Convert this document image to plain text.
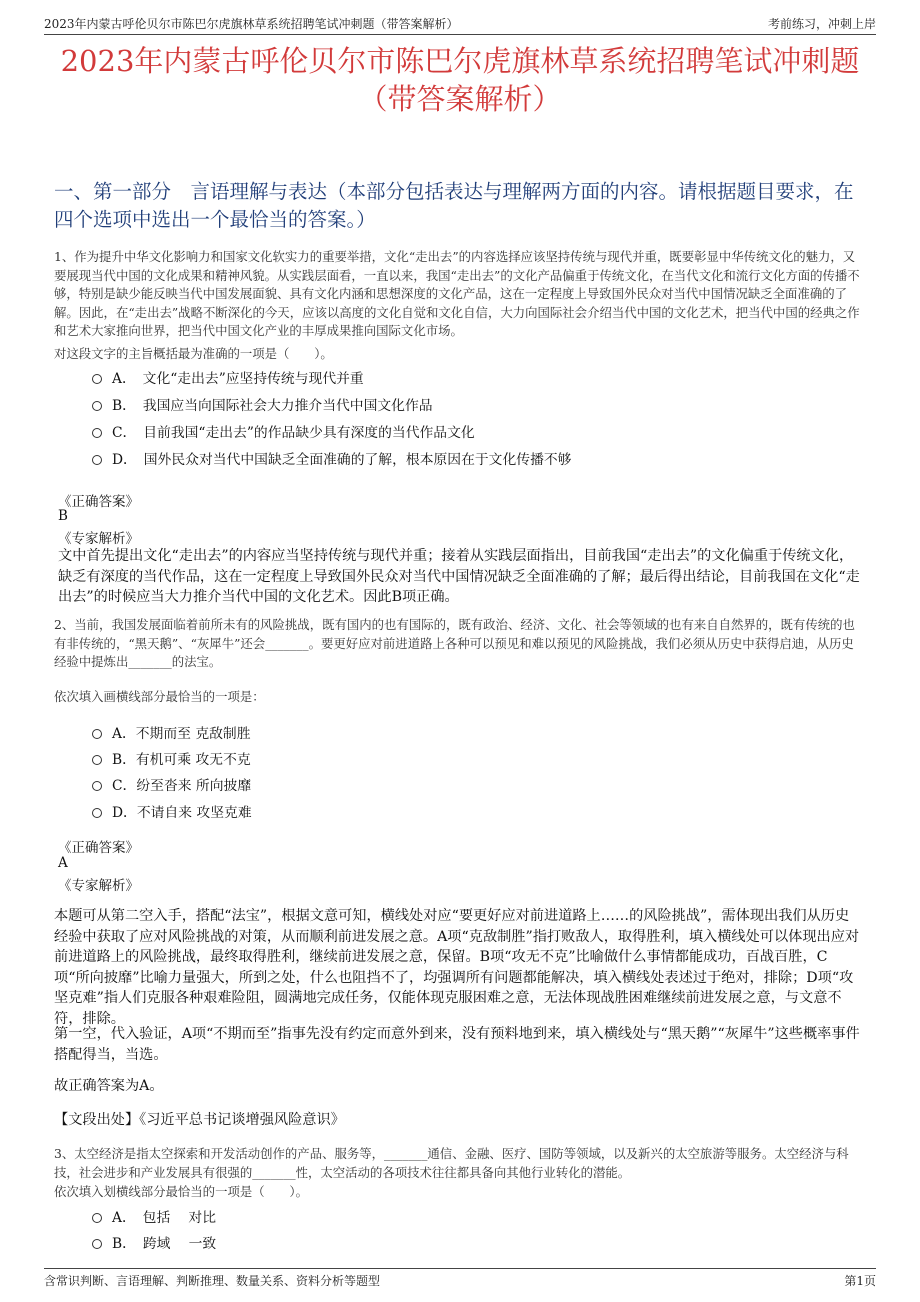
2023年内蒙古呼伦贝尔市陈巴尔虎旗林草系统招聘笔试冲刺题（带答案解析）	考前练习，冲刺上岸
2023年内蒙古呼伦贝尔市陈巴尔虎旗林草系统招聘笔试冲刺题
（带答案解析）
一、第一部分　言语理解与表达（本部分包括表达与理解两方面的内容。请根据题目要求，在四个选项中选出一个最恰当的答案。）
1、作为提升中华文化影响力和国家文化软实力的重要举措，文化“走出去”的内容选择应该坚持传统与现代并重，既要彰显中华传统文化的魅力，又要展现当代中国的文化成果和精神风貌。从实践层面看，一直以来，我国“走出去”的文化产品偏重于传统文化，在当代文化和流行文化方面的传播不够，特别是缺少能反映当代中国发展面貌、具有文化内涵和思想深度的文化产品，这在一定程度上导致国外民众对当代中国情况缺乏全面准确的了解。因此，在“走出去”战略不断深化的今天，应该以高度的文化自觉和文化自信，大力向国际社会介绍当代中国的文化艺术，把当代中国的经典之作和艺术大家推向世界，把当代中国文化产业的丰厚成果推向国际文化市场。
对这段文字的主旨概括最为准确的一项是（　　）。
A．　文化“走出去”应坚持传统与现代并重
B．　我国应当向国际社会大力推介当代中国文化作品
C．　目前我国“走出去”的作品缺少具有深度的当代作品文化
D．　国外民众对当代中国缺乏全面准确的了解，根本原因在于文化传播不够
《正确答案》
B
《专家解析》
文中首先提出文化“走出去”的内容应当坚持传统与现代并重；接着从实践层面指出，目前我国“走出去”的文化偏重于传统文化，缺乏有深度的当代作品，这在一定程度上导致国外民众对当代中国情况缺乏全面准确的了解；最后得出结论，目前我国在文化“走出去”的时候应当大力推介当代中国的文化艺术。因此B项正确。
2、当前，我国发展面临着前所未有的风险挑战，既有国内的也有国际的，既有政治、经济、文化、社会等领域的也有来自自然界的，既有传统的也有非传统的，“黑天鹅”、“灰犀牛”还会_______。要更好应对前进道路上各种可以预见和难以预见的风险挑战，我们必须从历史中获得启迪，从历史经验中提炼出_______的法宝。
依次填入画横线部分最恰当的一项是：
A．不期而至 克敌制胜
B．有机可乘 攻无不克
C．纷至沓来 所向披靡
D．不请自来 攻坚克难
《正确答案》
A
《专家解析》
本题可从第二空入手，搭配“法宝”，根据文意可知，横线处对应“要更好应对前进道路上……的风险挑战”，需体现出我们从历史经验中获取了应对风险挑战的对策，从而顺利前进发展之意。A项“克敌制胜”指打败敌人，取得胜利，填入横线处可以体现出应对前进道路上的风险挑战，最终取得胜利，继续前进发展之意，保留。B项“攻无不克”比喻做什么事情都能成功，百战百胜，C项“所向披靡”比喻力量强大，所到之处，什么也阻挡不了，均强调所有问题都能解决，填入横线处表述过于绝对，排除；D项“攻坚克难”指人们克服各种艰难险阻，圆满地完成任务，仅能体现克服困难之意，无法体现战胜困难继续前进发展之意，与文意不符，排除。
第一空，代入验证，A项“不期而至”指事先没有约定而意外到来，没有预料地到来，填入横线处与“黑天鹅”“灰犀牛”这些概率事件搭配得当，当选。
故正确答案为A。
【文段出处】《习近平总书记谈增强风险意识》
3、太空经济是指太空探索和开发活动创作的产品、服务等，_______通信、金融、医疗、国防等领域，以及新兴的太空旅游等服务。太空经济与科技，社会进步和产业发展具有很强的_______性，太空活动的各项技术往往都具备向其他行业转化的潜能。
依次填入划横线部分最恰当的一项是（　　）。
A．　包括　 对比
B．　跨域　 一致
含常识判断、言语理解、判断推理、数量关系、资料分析等题型	第1页
